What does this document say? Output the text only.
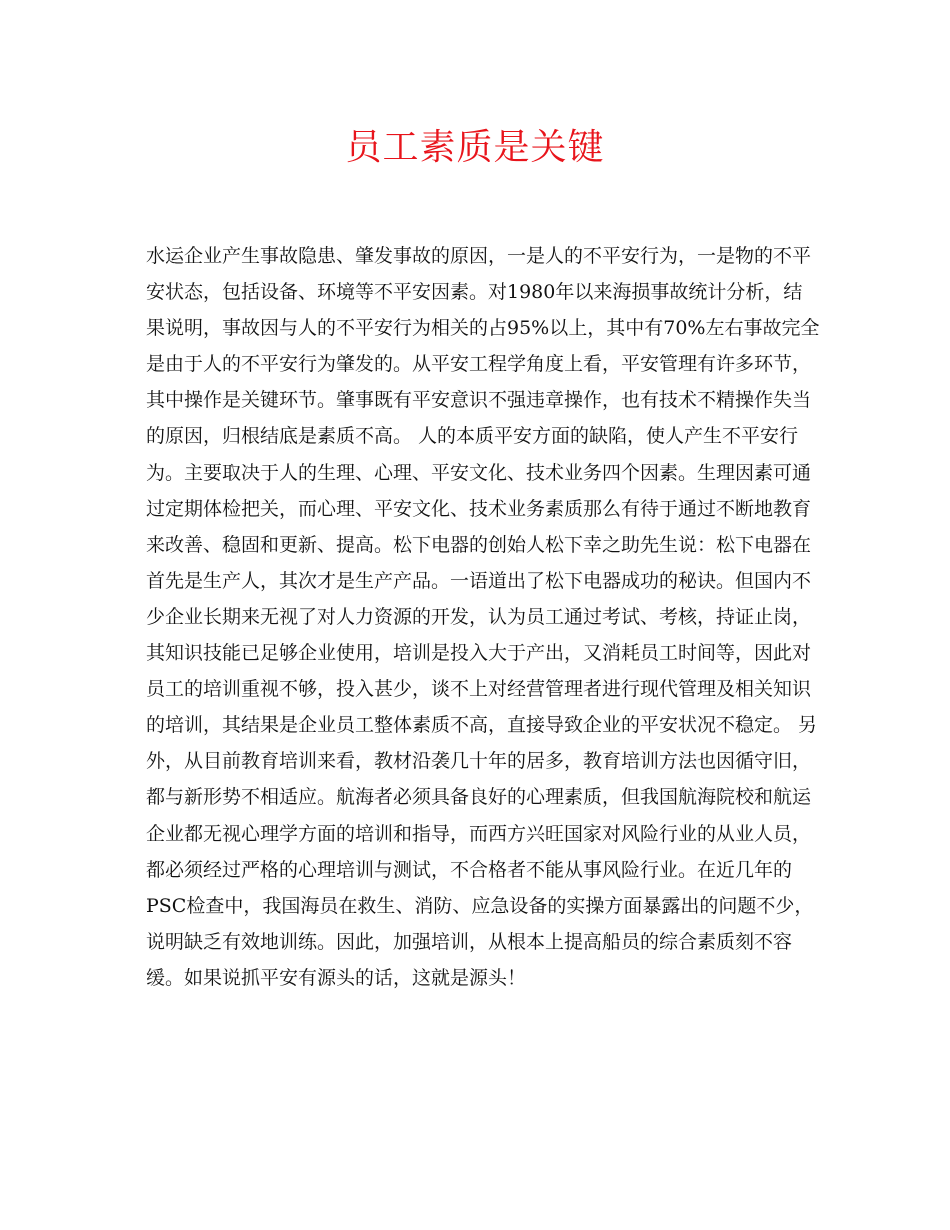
员工素质是关键
水运企业产生事故隐患、肇发事故的原因，一是人的不平安行为，一是物的不平
安状态，包括设备、环境等不平安因素。对1980年以来海损事故统计分析，结
果说明，事故因与人的不平安行为相关的占95%以上，其中有70%左右事故完全
是由于人的不平安行为肇发的。从平安工程学角度上看，平安管理有许多环节，
其中操作是关键环节。肇事既有平安意识不强违章操作，也有技术不精操作失当
的原因，归根结底是素质不高。 人的本质平安方面的缺陷，使人产生不平安行
为。主要取决于人的生理、心理、平安文化、技术业务四个因素。生理因素可通
过定期体检把关，而心理、平安文化、技术业务素质那么有待于通过不断地教育
来改善、稳固和更新、提高。松下电器的创始人松下幸之助先生说：松下电器在
首先是生产人，其次才是生产产品。一语道出了松下电器成功的秘诀。但国内不
少企业长期来无视了对人力资源的开发，认为员工通过考试、考核，持证止岗，
其知识技能已足够企业使用，培训是投入大于产出，又消耗员工时间等，因此对
员工的培训重视不够，投入甚少，谈不上对经营管理者进行现代管理及相关知识
的培训，其结果是企业员工整体素质不高，直接导致企业的平安状况不稳定。 另
外，从目前教育培训来看，教材沿袭几十年的居多，教育培训方法也因循守旧，
都与新形势不相适应。航海者必须具备良好的心理素质，但我国航海院校和航运
企业都无视心理学方面的培训和指导，而西方兴旺国家对风险行业的从业人员，
都必须经过严格的心理培训与测试，不合格者不能从事风险行业。在近几年的
PSC检查中，我国海员在救生、消防、应急设备的实操方面暴露出的问题不少，
说明缺乏有效地训练。因此，加强培训，从根本上提高船员的综合素质刻不容
缓。如果说抓平安有源头的话，这就是源头！
